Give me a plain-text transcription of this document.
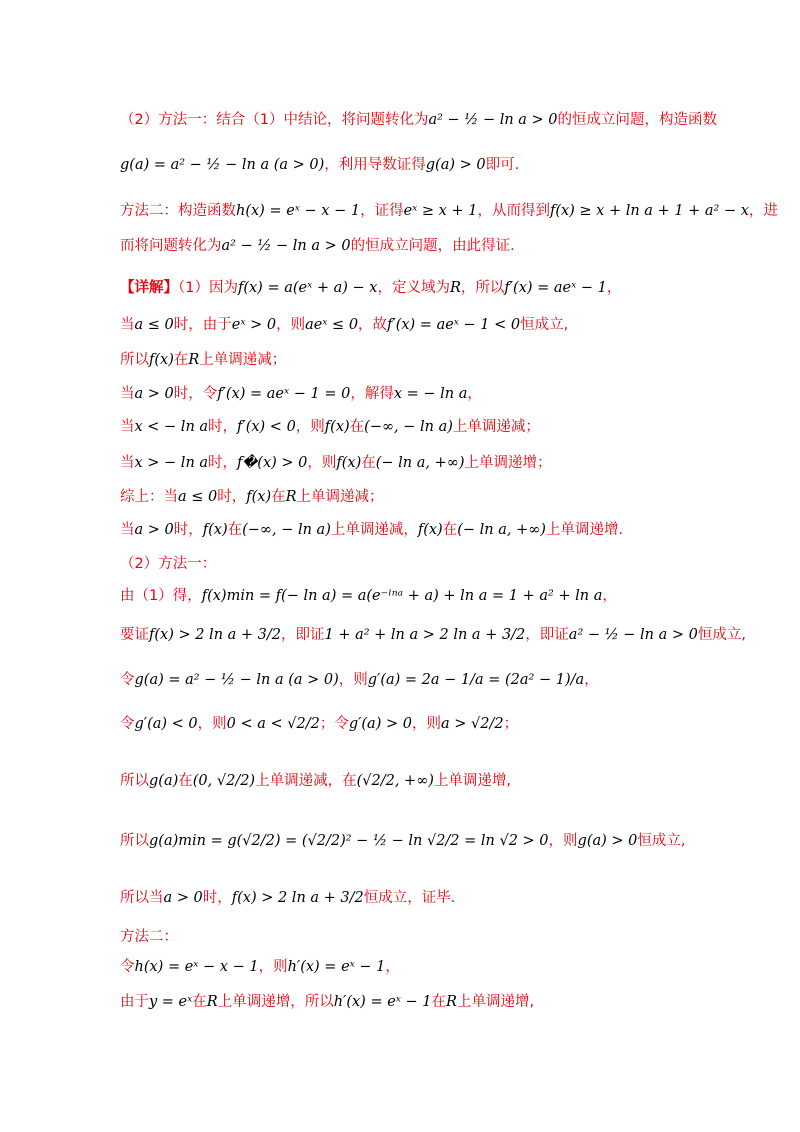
（2）方法一：结合（1）中结论，将问题转化为a² − ½ − ln a > 0的恒成立问题，构造函数
g(a) = a² − ½ − ln a (a > 0)，利用导数证得g(a) > 0即可.
方法二：构造函数h(x) = eˣ − x − 1，证得eˣ ≥ x + 1，从而得到f(x) ≥ x + ln a + 1 + a² − x，进
而将问题转化为a² − ½ − ln a > 0的恒成立问题，由此得证.
【详解】（1）因为f(x) = a(eˣ + a) − x，定义域为R，所以f′(x) = aeˣ − 1，
当a ≤ 0时，由于eˣ > 0，则aeˣ ≤ 0，故f′(x) = aeˣ − 1 < 0恒成立,
所以f(x)在R上单调递减；
当a > 0时，令f′(x) = aeˣ − 1 = 0，解得x = − ln a，
当x < − ln a时，f′(x) < 0，则f(x)在(−∞, − ln a)上单调递减；
当x > − ln a时，f�(x) > 0，则f(x)在(− ln a, +∞)上单调递增；
综上：当a ≤ 0时，f(x)在R上单调递减；
当a > 0时，f(x)在(−∞, − ln a)上单调递减，f(x)在(− ln a, +∞)上单调递增.
（2）方法一：
由（1）得，f(x)min = f(− ln a) = a(e⁻ˡⁿᵃ + a) + ln a = 1 + a² + ln a，
要证f(x) > 2 ln a + 3/2，即证1 + a² + ln a > 2 ln a + 3/2，即证a² − ½ − ln a > 0恒成立,
令g(a) = a² − ½ − ln a (a > 0)，则g′(a) = 2a − 1/a = (2a² − 1)/a，
令g′(a) < 0，则0 < a < √2/2；令g′(a) > 0，则a > √2/2；
所以g(a)在(0, √2/2)上单调递减，在(√2/2, +∞)上单调递增,
所以g(a)min = g(√2/2) = (√2/2)² − ½ − ln √2/2 = ln √2 > 0，则g(a) > 0恒成立,
所以当a > 0时，f(x) > 2 ln a + 3/2恒成立，证毕.
方法二：
令h(x) = eˣ − x − 1，则h′(x) = eˣ − 1，
由于y = eˣ在R上单调递增，所以h′(x) = eˣ − 1在R上单调递增,
